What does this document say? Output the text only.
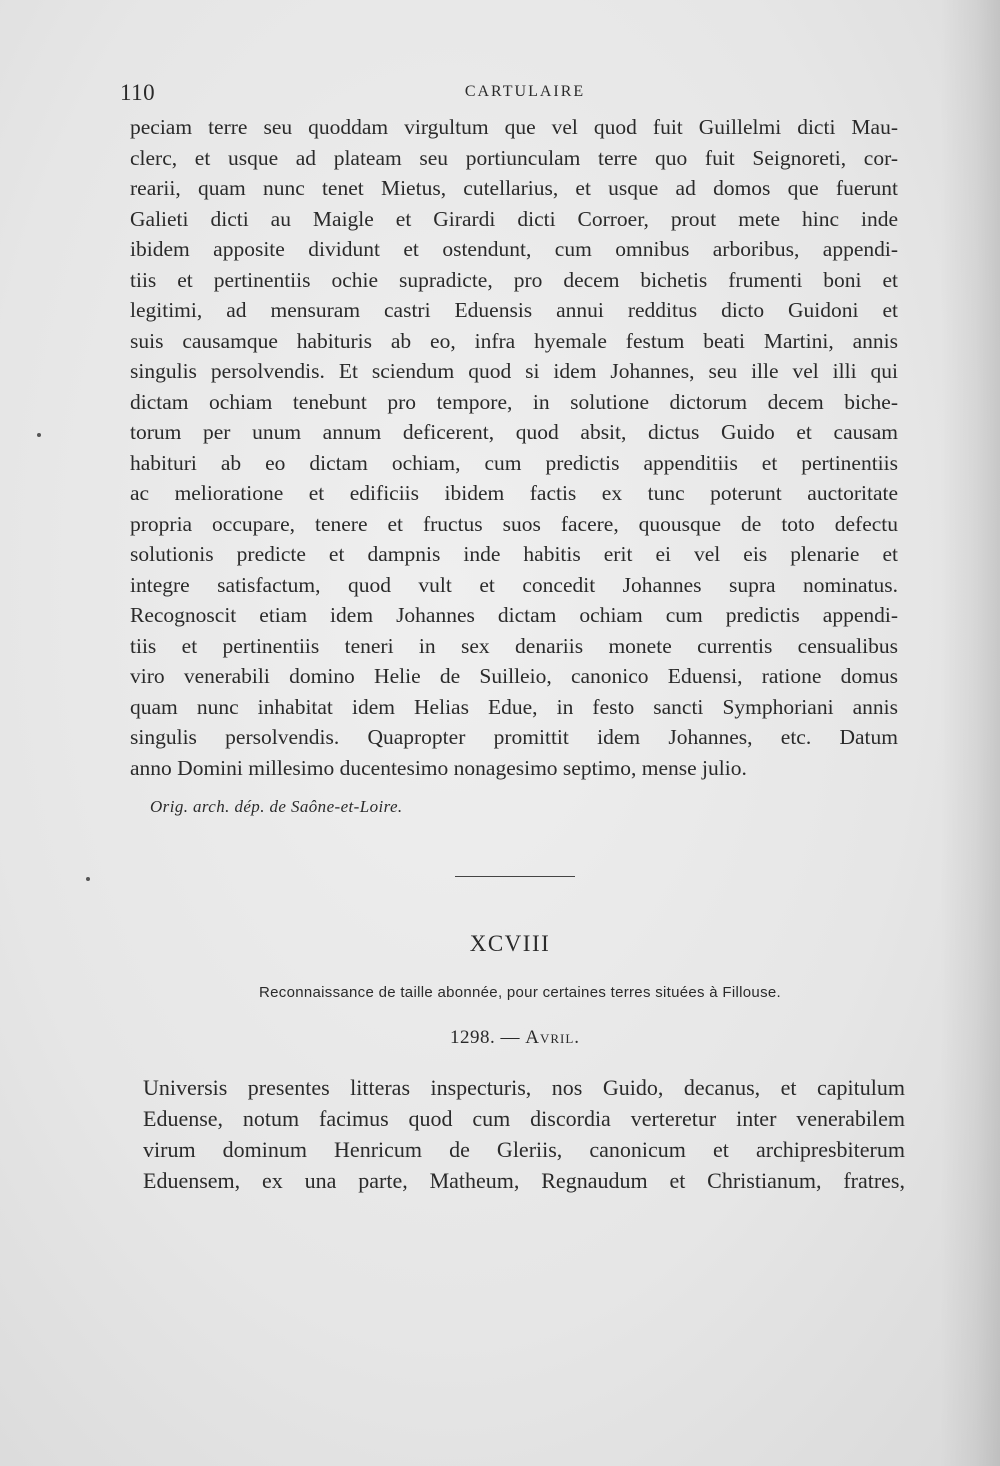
110	CARTULAIRE
peciam terre seu quoddam virgultum que vel quod fuit Guillelmi dicti Mau-
clerc, et usque ad plateam seu portiunculam terre quo fuit Seignoreti, cor-
rearii, quam nunc tenet Mietus, cutellarius, et usque ad domos que fuerunt
Galieti dicti au Maigle et Girardi dicti Corroer, prout mete hinc inde
ibidem apposite dividunt et ostendunt, cum omnibus arboribus, appendi-
tiis et pertinentiis ochie supradicte, pro decem bichetis frumenti boni et
legitimi, ad mensuram castri Eduensis annui redditus dicto Guidoni et
suis causamque habituris ab eo, infra hyemale festum beati Martini, annis
singulis persolvendis. Et sciendum quod si idem Johannes, seu ille vel illi qui
dictam ochiam tenebunt pro tempore, in solutione dictorum decem biche-
torum per unum annum deficerent, quod absit, dictus Guido et causam
habituri ab eo dictam ochiam, cum predictis appenditiis et pertinentiis
ac melioratione et edificiis ibidem factis ex tunc poterunt auctoritate
propria occupare, tenere et fructus suos facere, quousque de toto defectu
solutionis predicte et dampnis inde habitis erit ei vel eis plenarie et
integre satisfactum, quod vult et concedit Johannes supra nominatus.
Recognoscit etiam idem Johannes dictam ochiam cum predictis appendi-
tiis et pertinentiis teneri in sex denariis monete currentis censualibus
viro venerabili domino Helie de Suilleio, canonico Eduensi, ratione domus
quam nunc inhabitat idem Helias Edue, in festo sancti Symphoriani annis
singulis persolvendis. Quapropter promittit idem Johannes, etc. Datum
anno Domini millesimo ducentesimo nonagesimo septimo, mense julio.
Orig. arch. dép. de Saône-et-Loire.
XCVIII
Reconnaissance de taille abonnée, pour certaines terres situées à Fillouse.
1298. — Avril.
Universis presentes litteras inspecturis, nos Guido, decanus, et capitulum
Eduense, notum facimus quod cum discordia verteretur inter venerabilem
virum dominum Henricum de Gleriis, canonicum et archipresbiterum
Eduensem, ex una parte, Matheum, Regnaudum et Christianum, fratres,
